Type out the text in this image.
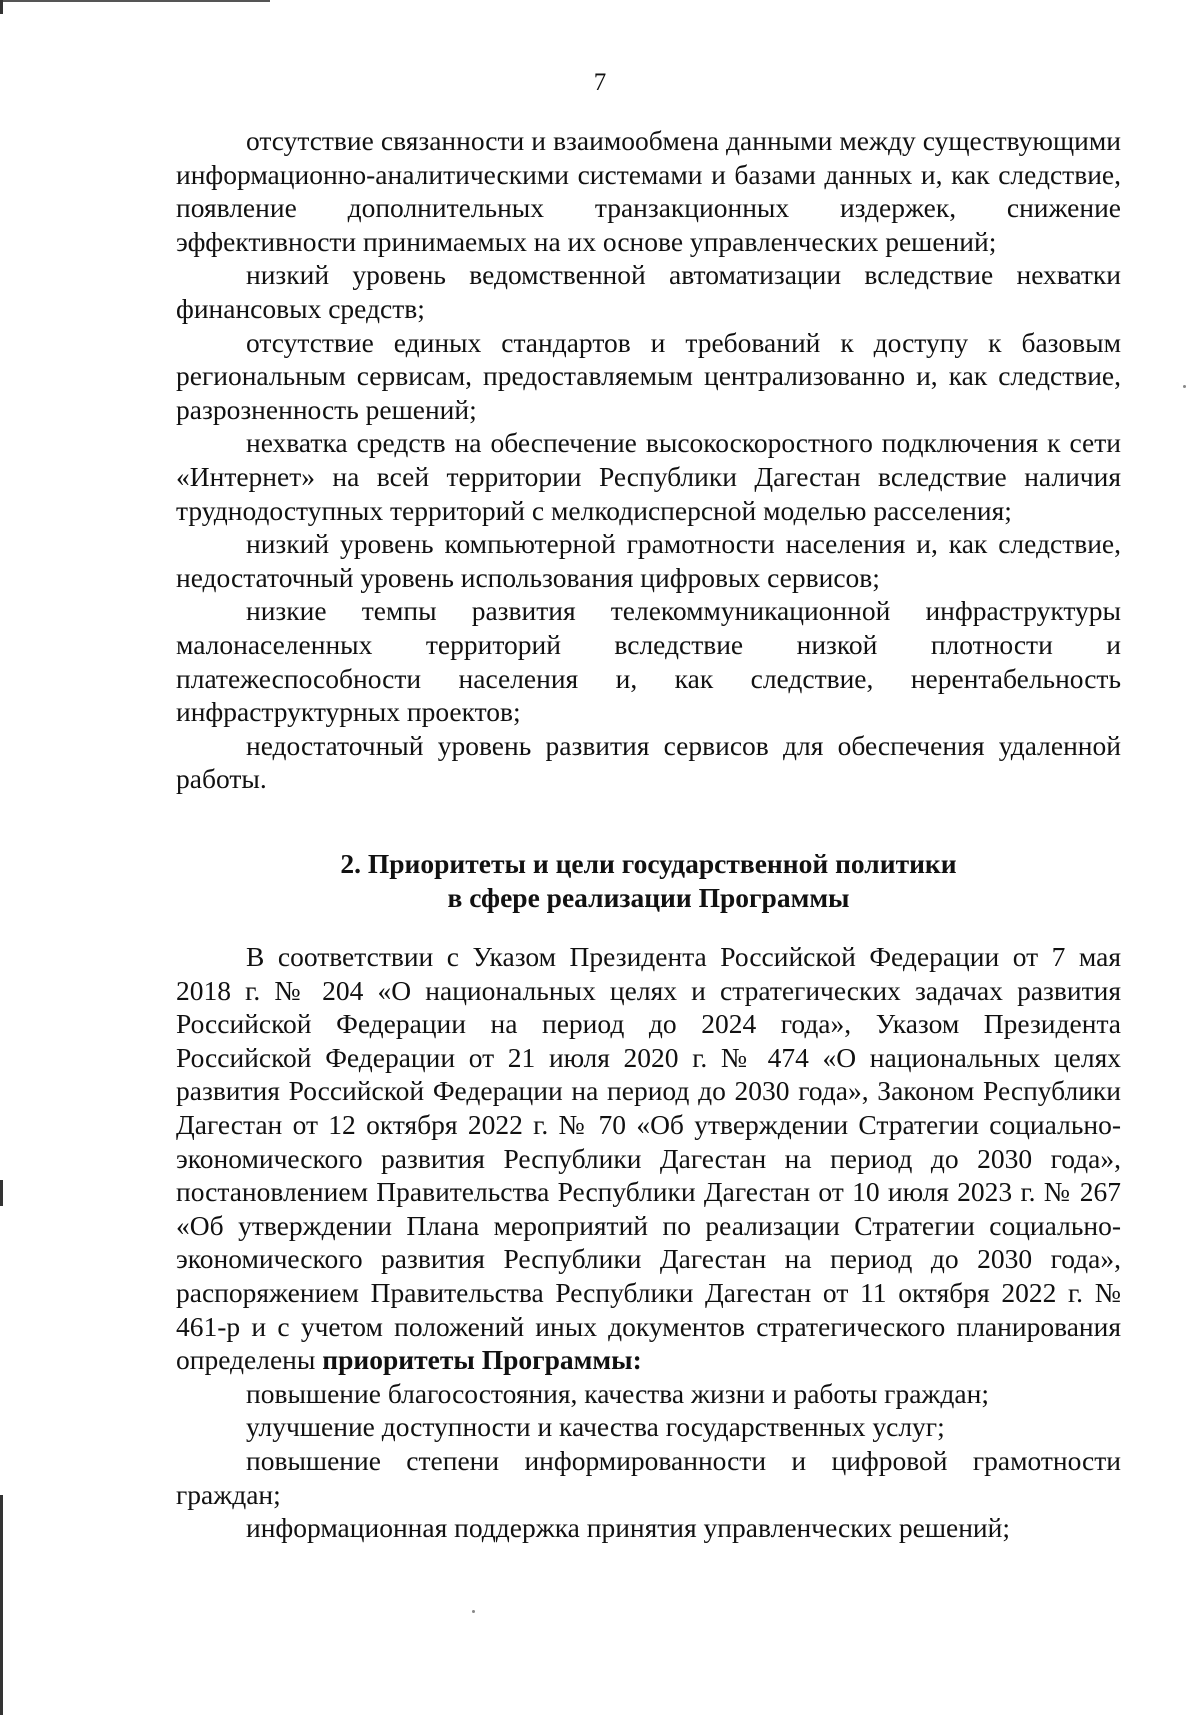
7

отсутствие связанности и взаимообмена данными между существующими информационно-аналитическими системами и базами данных и, как следствие, появление дополнительных транзакционных издержек, снижение эффективности принимаемых на их основе управленческих решений;

низкий уровень ведомственной автоматизации вследствие нехватки финансовых средств;

отсутствие единых стандартов и требований к доступу к базовым региональным сервисам, предоставляемым централизованно и, как следствие, разрозненность решений;

нехватка средств на обеспечение высокоскоростного подключения к сети «Интернет» на всей территории Республики Дагестан вследствие наличия труднодоступных территорий с мелкодисперсной моделью расселения;

низкий уровень компьютерной грамотности населения и, как следствие, недостаточный уровень использования цифровых сервисов;

низкие темпы развития телекоммуникационной инфраструктуры малонаселенных территорий вследствие низкой плотности и платежеспособности населения и, как следствие, нерентабельность инфраструктурных проектов;

недостаточный уровень развития сервисов для обеспечения удаленной работы.

2. Приоритеты и цели государственной политики
в сфере реализации Программы

В соответствии с Указом Президента Российской Федерации от 7 мая 2018 г. № 204 «О национальных целях и стратегических задачах развития Российской Федерации на период до 2024 года», Указом Президента Российской Федерации от 21 июля 2020 г. № 474 «О национальных целях развития Российской Федерации на период до 2030 года», Законом Республики Дагестан от 12 октября 2022 г. № 70 «Об утверждении Стратегии социально-экономического развития Республики Дагестан на период до 2030 года», постановлением Правительства Республики Дагестан от 10 июля 2023 г. № 267 «Об утверждении Плана мероприятий по реализации Стратегии социально-экономического развития Республики Дагестан на период до 2030 года», распоряжением Правительства Республики Дагестан от 11 октября 2022 г. № 461-р и с учетом положений иных документов стратегического планирования определены приоритеты Программы:

повышение благосостояния, качества жизни и работы граждан;

улучшение доступности и качества государственных услуг;

повышение степени информированности и цифровой грамотности граждан;

информационная поддержка принятия управленческих решений;
